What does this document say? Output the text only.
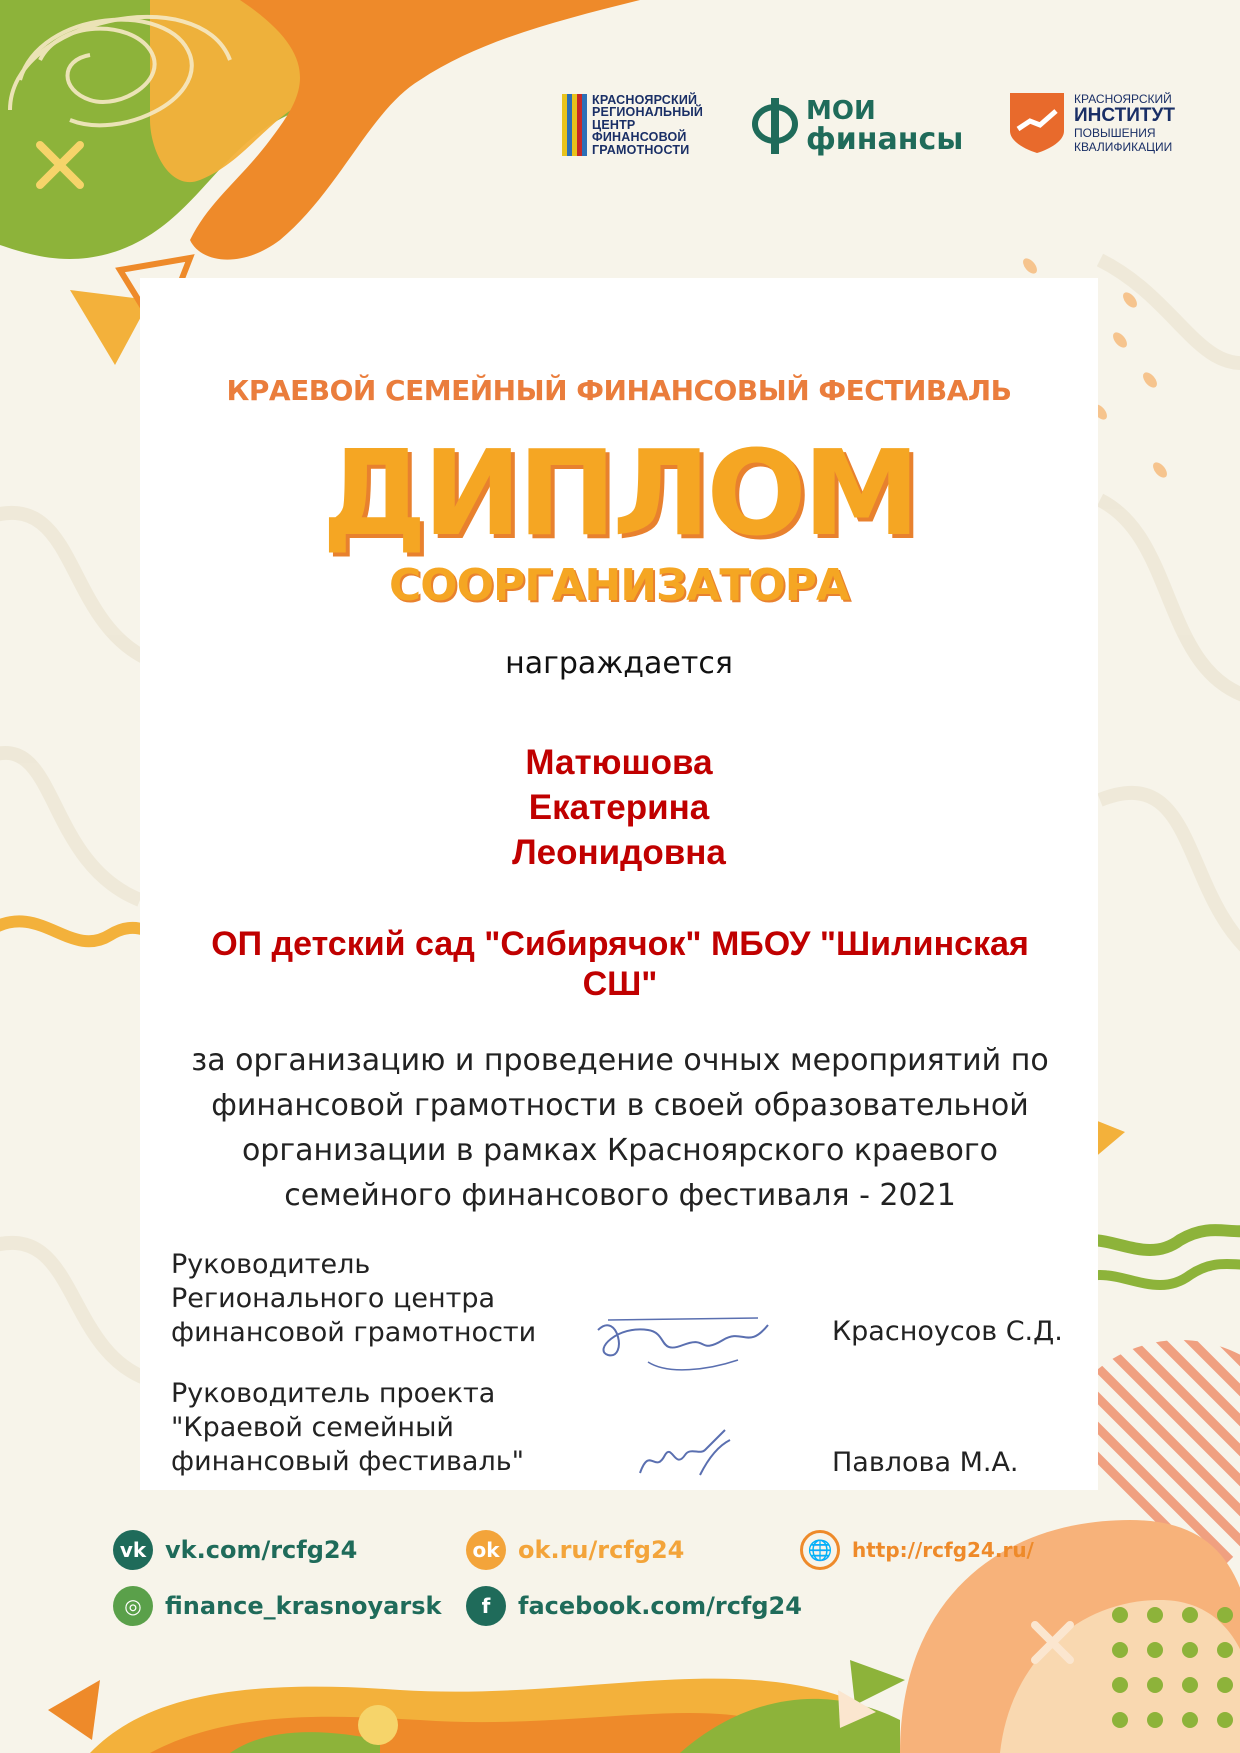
КРАСНОЯРСКИЙ
РЕГИОНАЛЬНЫЙ
ЦЕНТР
ФИНАНСОВОЙ
ГРАМОТНОСТИ
МОИ
финансы
КРАСНОЯРСКИЙ
ИНСТИТУТ
ПОВЫШЕНИЯ
КВАЛИФИКАЦИИ
КРАЕВОЙ СЕМЕЙНЫЙ ФИНАНСОВЫЙ ФЕСТИВАЛЬ
ДИПЛОМ
СООРГАНИЗАТОРА
награждается
Матюшова
Екатерина
Леонидовна
ОП детский сад "Сибирячок" МБОУ "Шилинская
СШ"
за организацию и проведение очных мероприятий по
финансовой грамотности в своей образовательной
организации в рамках Красноярского краевого
семейного финансового фестиваля - 2021
Руководитель
Регионального центра
финансовой грамотности	Красноусов С.Д.
Руководитель проекта
"Краевой семейный
финансовый фестиваль"	Павлова М.А.
vk vk.com/rcfg24	ok ok.ru/rcfg24	🌐 http://rcfg24.ru/
◎ finance_krasnoyarsk	f	facebook.com/rcfg24
